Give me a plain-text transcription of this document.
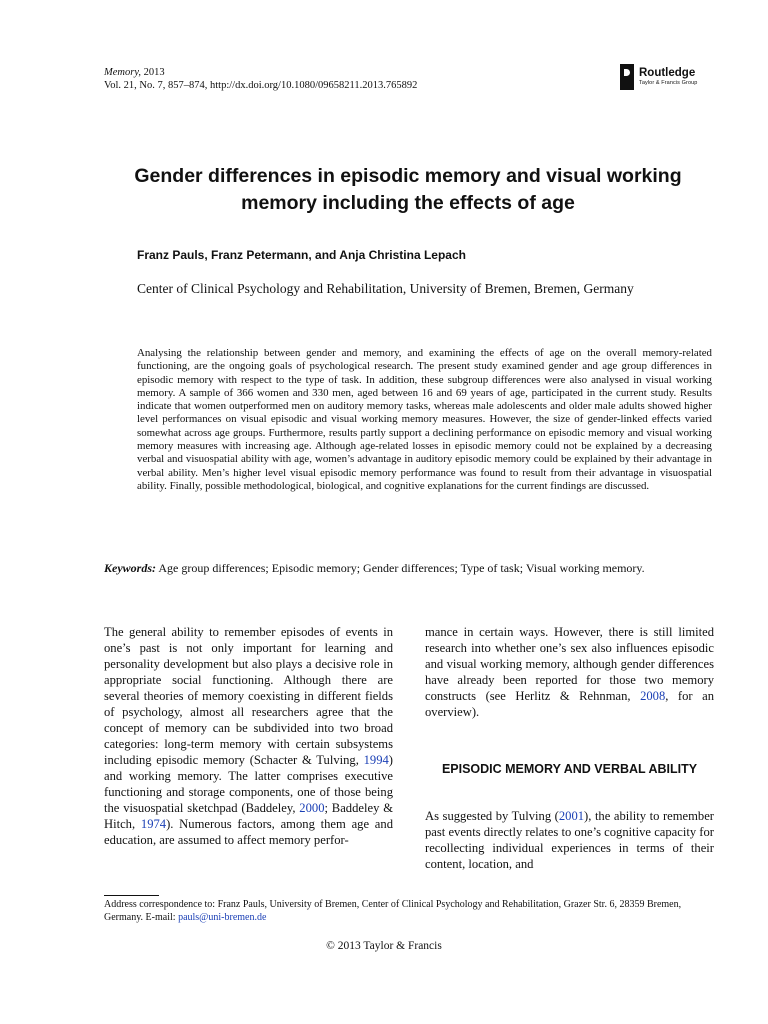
Memory, 2013
Vol. 21, No. 7, 857–874, http://dx.doi.org/10.1080/09658211.2013.765892
Routledge
Taylor & Francis Group
Gender differences in episodic memory and visual working memory including the effects of age
Franz Pauls, Franz Petermann, and Anja Christina Lepach
Center of Clinical Psychology and Rehabilitation, University of Bremen, Bremen, Germany
Analysing the relationship between gender and memory, and examining the effects of age on the overall memory-related functioning, are the ongoing goals of psychological research. The present study examined gender and age group differences in episodic memory with respect to the type of task. In addition, these subgroup differences were also analysed in visual working memory. A sample of 366 women and 330 men, aged between 16 and 69 years of age, participated in the current study. Results indicate that women outperformed men on auditory memory tasks, whereas male adolescents and older male adults showed higher level performances on visual episodic and visual working memory measures. However, the size of gender-linked effects varied somewhat across age groups. Furthermore, results partly support a declining performance on episodic memory and visual working memory measures with increasing age. Although age-related losses in episodic memory could not be explained by a decreasing verbal and visuospatial ability with age, women’s advantage in auditory episodic memory could be explained by their advantage in verbal ability. Men’s higher level visual episodic memory performance was found to result from their advantage in visuospatial ability. Finally, possible methodological, biological, and cognitive explanations for the current findings are discussed.
Keywords: Age group differences; Episodic memory; Gender differences; Type of task; Visual working memory.

The general ability to remember episodes of events in one’s past is not only important for learning and personality development but also plays a decisive role in appropriate social functioning. Although there are several theories of memory coexisting in different fields of psychology, almost all researchers agree that the concept of memory can be subdivided into two broad categories: long-term memory with certain subsystems including episodic memory (Schacter & Tulving, 1994) and working memory. The latter comprises executive functioning and storage components, one of those being the visuospatial sketchpad (Baddeley, 2000; Baddeley & Hitch, 1974). Numerous factors, among them age and education, are assumed to affect memory perfor-

mance in certain ways. However, there is still limited research into whether one’s sex also influences episodic and visual working memory, although gender differences have already been reported for those two memory constructs (see Herlitz & Rehnman, 2008, for an overview).

EPISODIC MEMORY AND VERBAL ABILITY

As suggested by Tulving (2001), the ability to remember past events directly relates to one’s cognitive capacity for recollecting individual experiences in terms of their content, location, and

Address correspondence to: Franz Pauls, University of Bremen, Center of Clinical Psychology and Rehabilitation, Grazer Str. 6, 28359 Bremen, Germany. E-mail: pauls@uni-bremen.de
© 2013 Taylor & Francis
